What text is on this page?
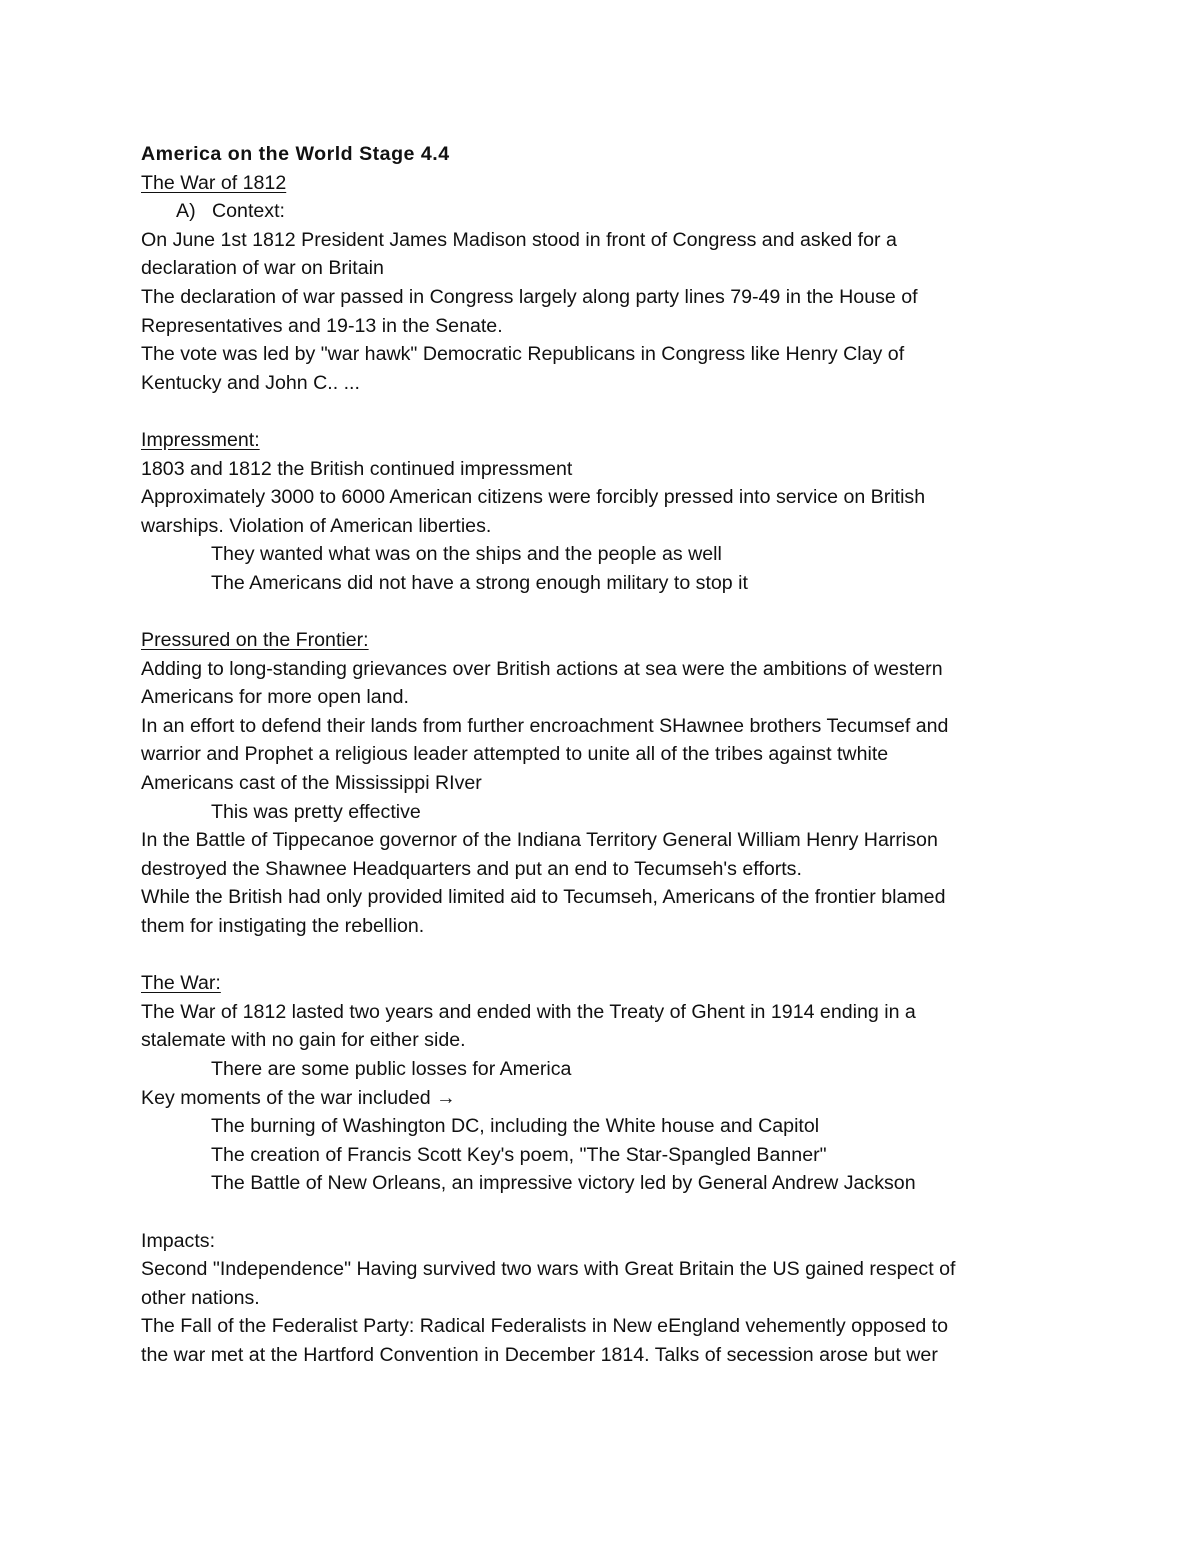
America on the World Stage 4.4

The War of 1812

A) Context:

On June 1st 1812 President James Madison stood in front of Congress and asked for a

declaration of war on Britain

The declaration of war passed in Congress largely along party lines 79-49 in the House of

Representatives and 19-13 in the Senate.

The vote was led by "war hawk" Democratic Republicans in Congress like Henry Clay of

Kentucky and John C.. ...

Impressment:

1803 and 1812 the British continued impressment

Approximately 3000 to 6000 American citizens were forcibly pressed into service on British

warships. Violation of American liberties.

They wanted what was on the ships and the people as well

The Americans did not have a strong enough military to stop it

Pressured on the Frontier:

Adding to long-standing grievances over British actions at sea were the ambitions of western

Americans for more open land.

In an effort to defend their lands from further encroachment SHawnee brothers Tecumsef and

warrior and Prophet a religious leader attempted to unite all of the tribes against twhite

Americans cast of the Mississippi RIver

This was pretty effective

In the Battle of Tippecanoe governor of the Indiana Territory General William Henry Harrison

destroyed the Shawnee Headquarters and put an end to Tecumseh's efforts.

While the British had only provided limited aid to Tecumseh, Americans of the frontier blamed

them for instigating the rebellion.

The War:

The War of 1812 lasted two years and ended with the Treaty of Ghent in 1914 ending in a

stalemate with no gain for either side.

There are some public losses for America

Key moments of the war included →

The burning of Washington DC, including the White house and Capitol

The creation of Francis Scott Key's poem, "The Star-Spangled Banner"

The Battle of New Orleans, an impressive victory led by General Andrew Jackson

Impacts:

Second "Independence" Having survived two wars with Great Britain the US gained respect of

other nations.

The Fall of the Federalist Party: Radical Federalists in New eEngland vehemently opposed to

the war met at the Hartford Convention in December 1814. Talks of secession arose but wer
